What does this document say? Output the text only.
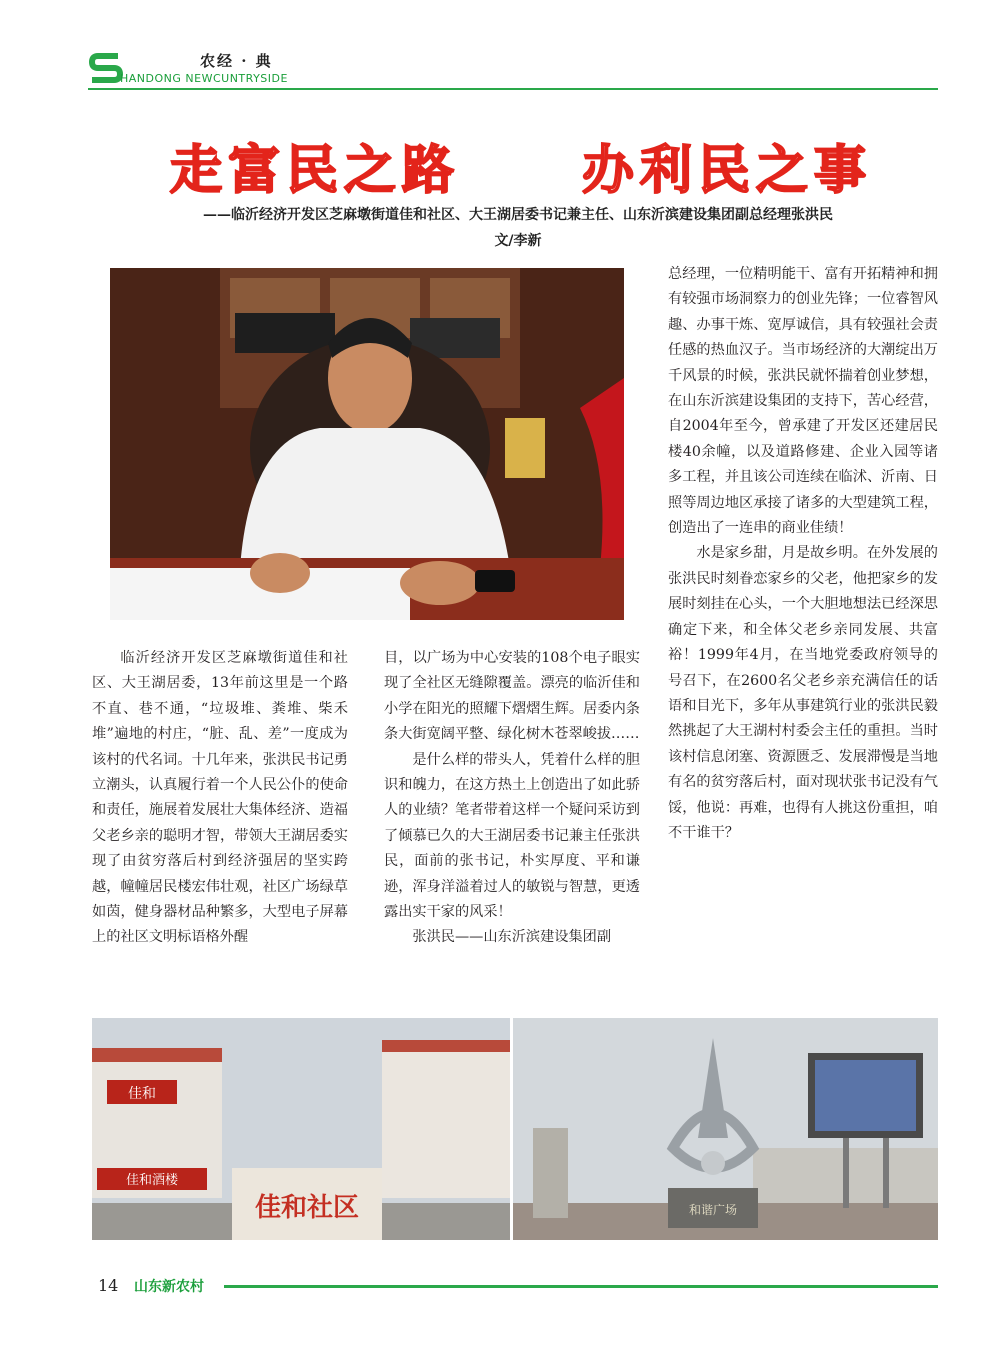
农经 · 典
HANDONG NEWCUNTRYSIDE
走富民之路 办利民之事
——临沂经济开发区芝麻墩街道佳和社区、大王湖居委书记兼主任、山东沂滨建设集团副总经理张洪民
文/李新

临沂经济开发区芝麻墩街道佳和社区、大王湖居委，13年前这里是一个路不直、巷不通，“垃圾堆、粪堆、柴禾堆”遍地的村庄，“脏、乱、差”一度成为该村的代名词。十几年来，张洪民书记勇立潮头，认真履行着一个人民公仆的使命和责任，施展着发展壮大集体经济、造福父老乡亲的聪明才智，带领大王湖居委实现了由贫穷落后村到经济强居的坚实跨越，幢幢居民楼宏伟壮观，社区广场绿草如茵，健身器材品种繁多，大型电子屏幕上的社区文明标语格外醒

目，以广场为中心安装的108个电子眼实现了全社区无缝隙覆盖。漂亮的临沂佳和小学在阳光的照耀下熠熠生辉。居委内条条大街宽阔平整、绿化树木苍翠峻拔……

是什么样的带头人，凭着什么样的胆识和魄力，在这方热土上创造出了如此骄人的业绩？笔者带着这样一个疑问采访到了倾慕已久的大王湖居委书记兼主任张洪民，面前的张书记，朴实厚度、平和谦逊，浑身洋溢着过人的敏锐与智慧，更透露出实干家的风采！

张洪民——山东沂滨建设集团副

总经理，一位精明能干、富有开拓精神和拥有较强市场洞察力的创业先锋；一位睿智风趣、办事干炼、宽厚诚信，具有较强社会责任感的热血汉子。当市场经济的大潮绽出万千风景的时候，张洪民就怀揣着创业梦想，在山东沂滨建设集团的支持下，苦心经营，自2004年至今，曾承建了开发区还建居民楼40余幢，以及道路修建、企业入园等诸多工程，并且该公司连续在临沭、沂南、日照等周边地区承接了诸多的大型建筑工程，创造出了一连串的商业佳绩！

水是家乡甜，月是故乡明。在外发展的张洪民时刻眷恋家乡的父老，他把家乡的发展时刻挂在心头，一个大胆地想法已经深思确定下来，和全体父老乡亲同发展、共富裕！1999年4月，在当地党委政府领导的号召下，在2600名父老乡亲充满信任的话语和目光下，多年从事建筑行业的张洪民毅然挑起了大王湖村村委会主任的重担。当时该村信息闭塞、资源匮乏、发展滞慢是当地有名的贫穷落后村，面对现状张书记没有气馁，他说：再难，也得有人挑这份重担，咱不干谁干？

佳和酒楼
佳和
佳和社区	和谐广场
14 山东新农村
